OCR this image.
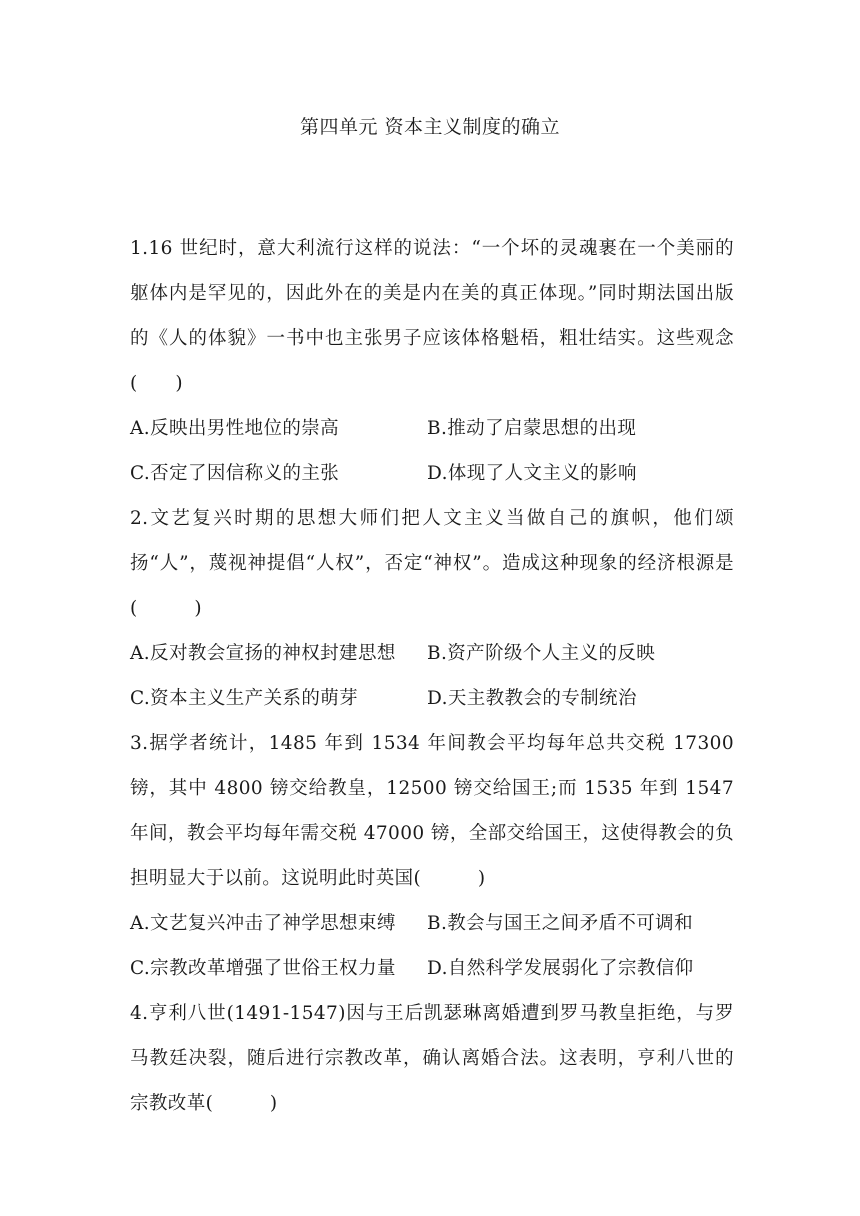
第四单元 资本主义制度的确立

1.16 世纪时，意大利流行这样的说法：“一个坏的灵魂裹在一个美丽的躯体内是罕见的，因此外在的美是内在美的真正体现。”同时期法国出版的《人的体貌》一书中也主张男子应该体格魁梧，粗壮结实。这些观念(　　)

A.反映出男性地位的崇高	B.推动了启蒙思想的出现
C.否定了因信称义的主张	D.体现了人文主义的影响

2.文艺复兴时期的思想大师们把人文主义当做自己的旗帜，他们颂扬“人”，蔑视神提倡“人权”，否定“神权”。造成这种现象的经济根源是(　　　)

A.反对教会宣扬的神权封建思想	B.资产阶级个人主义的反映
C.资本主义生产关系的萌芽	D.天主教教会的专制统治

3.据学者统计，1485 年到 1534 年间教会平均每年总共交税 17300 镑，其中 4800 镑交给教皇，12500 镑交给国王;而 1535 年到 1547 年间，教会平均每年需交税 47000 镑，全部交给国王，这使得教会的负担明显大于以前。这说明此时英国(　　　)

A.文艺复兴冲击了神学思想束缚	B.教会与国王之间矛盾不可调和
C.宗教改革增强了世俗王权力量	D.自然科学发展弱化了宗教信仰

4.亨利八世(1491-1547)因与王后凯瑟琳离婚遭到罗马教皇拒绝，与罗马教廷决裂，随后进行宗教改革，确认离婚合法。这表明，亨利八世的宗教改革(　　　)
